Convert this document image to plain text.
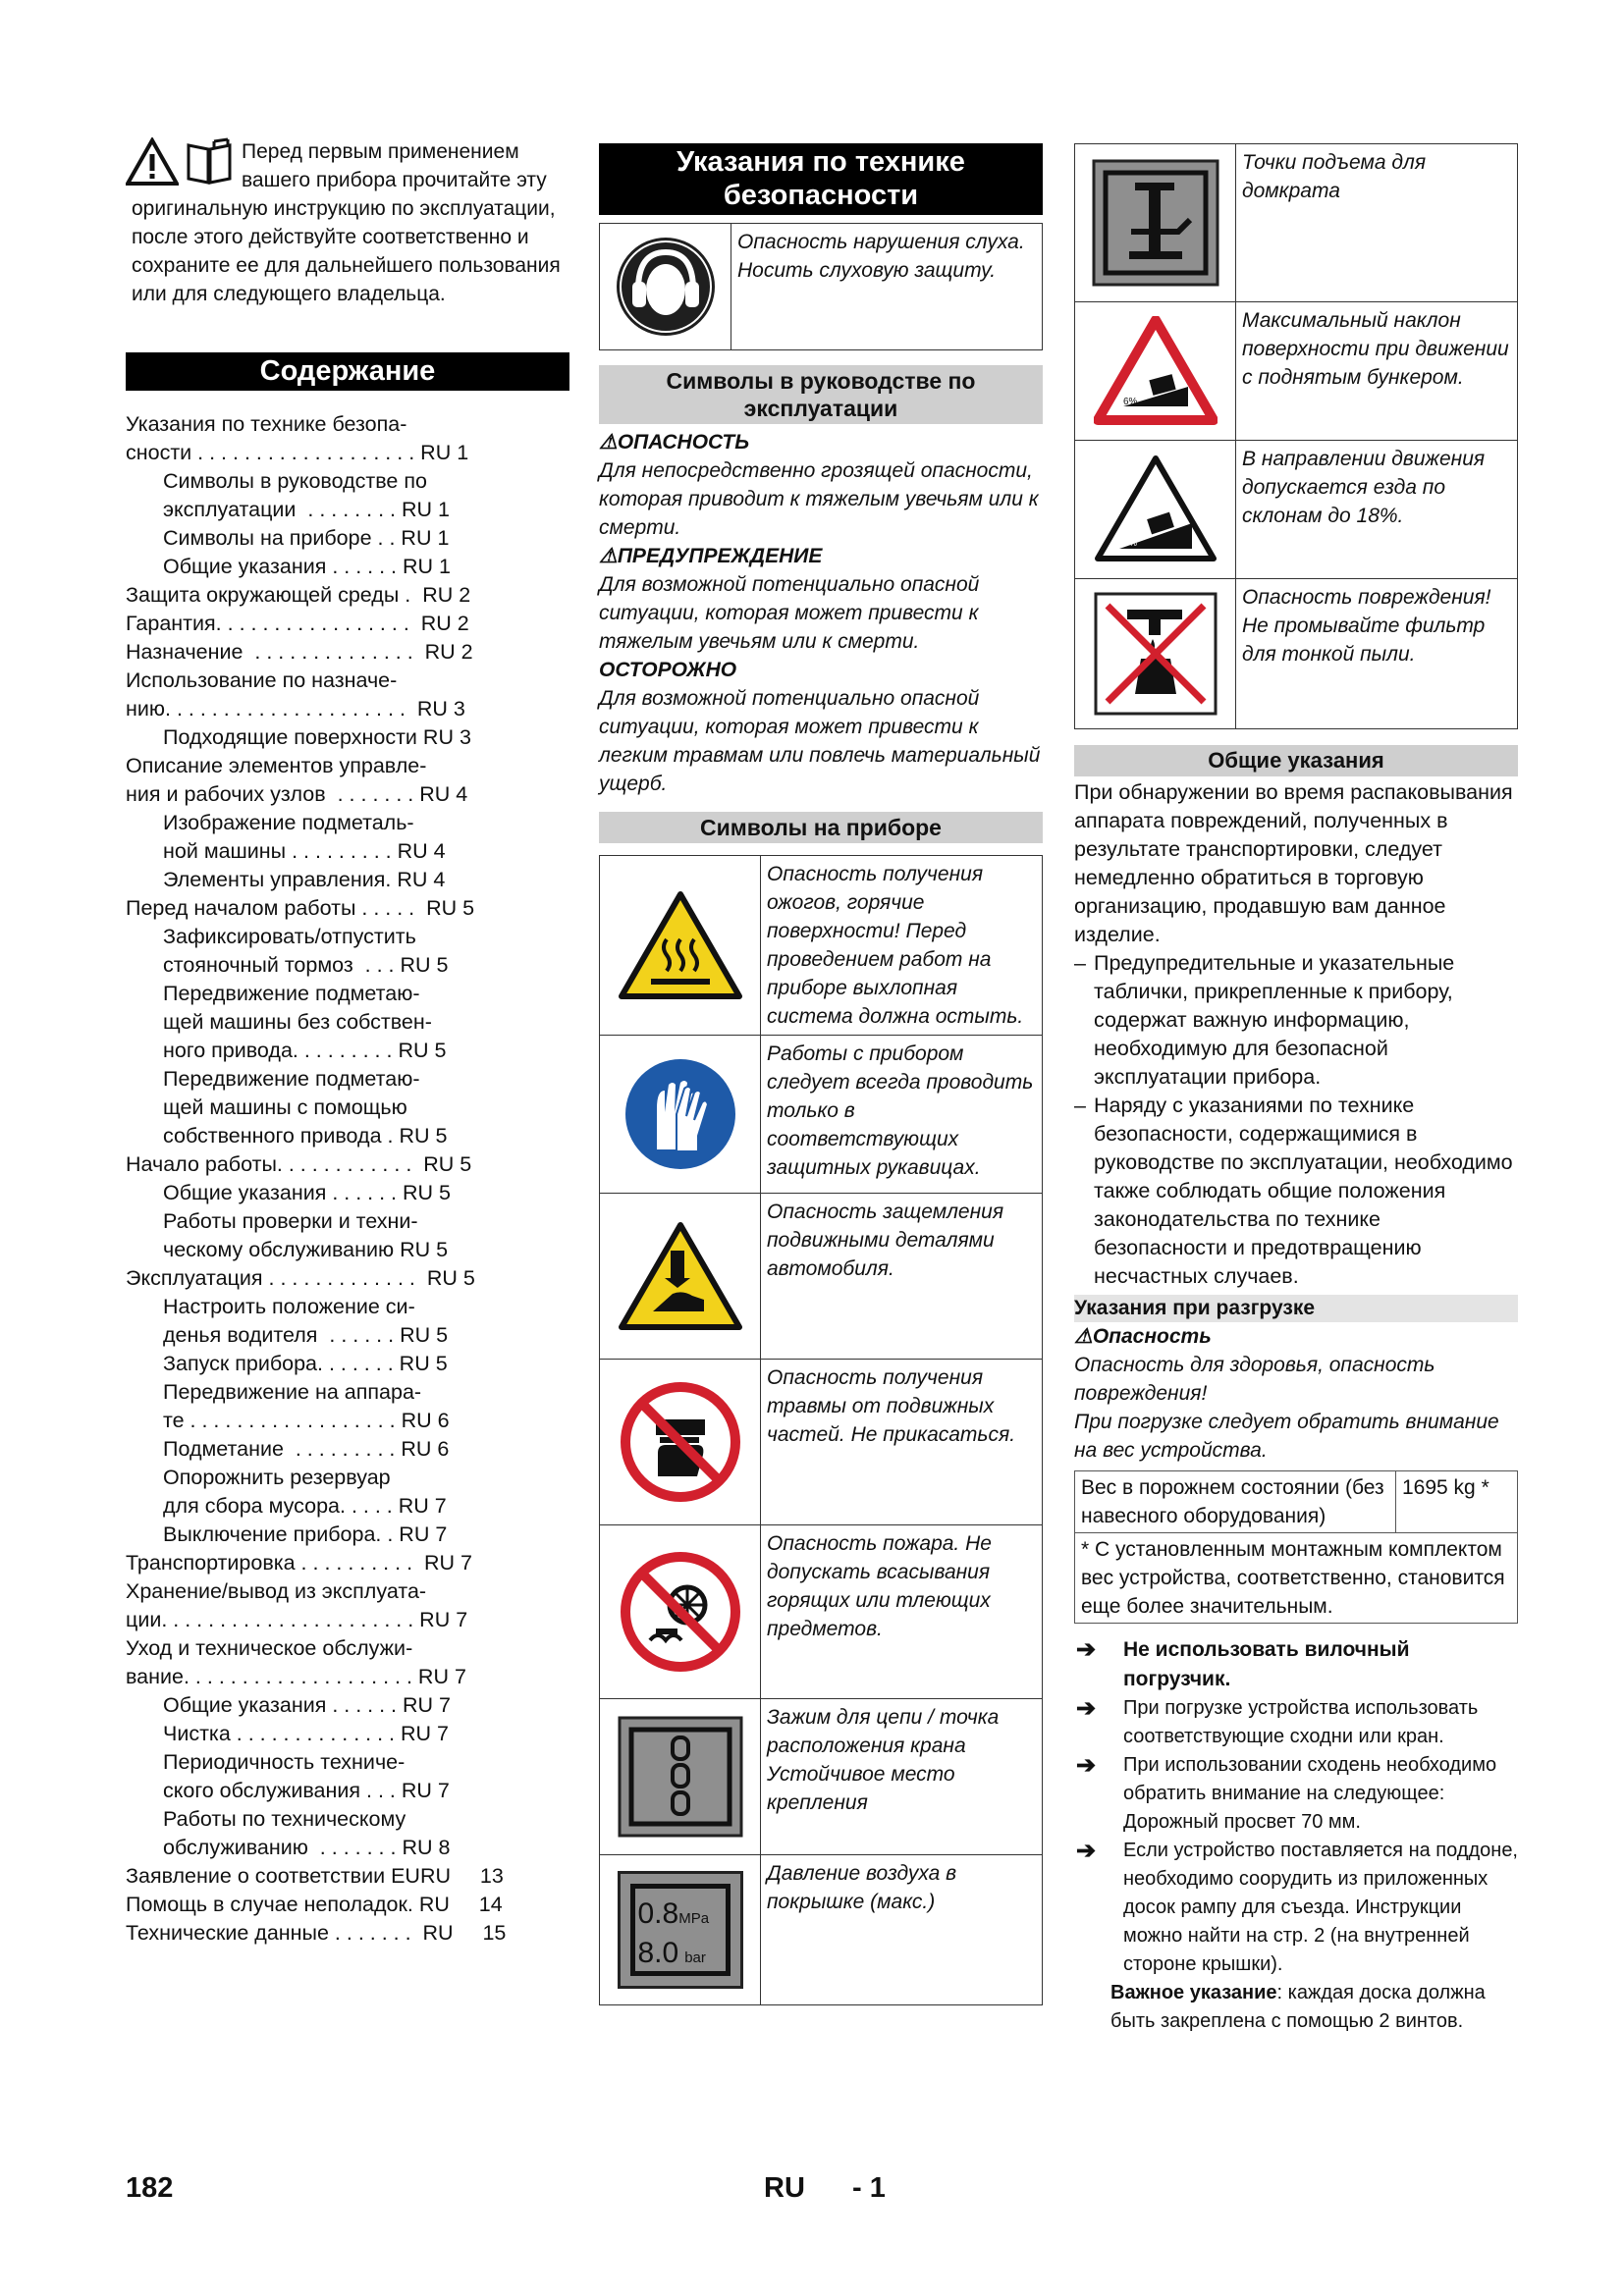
Перед первым применением вашего прибора прочитайте эту оригинальную инструкцию по эксплуатации, после этого действуйте соответственно и сохраните ее для дальнейшего пользования или для следующего владельца.
Содержание
Указания по технике безопа-
сности . . . . . . . . . . . . . . . . . . . RU 1
Символы в руководстве по
эксплуатации  . . . . . . . . RU 1
Символы на приборе . . RU 1
Общие указания . . . . . . RU 1
Защита окружающей среды .  RU 2
Гарантия. . . . . . . . . . . . . . . . .  RU 2
Назначение  . . . . . . . . . . . . . .  RU 2
Использование по назначе-
нию. . . . . . . . . . . . . . . . . . . . .  RU 3
Подходящие поверхности RU 3
Описание элементов управле-
ния и рабочих узлов  . . . . . . . RU 4
Изображение подметаль-
ной машины . . . . . . . . . RU 4
Элементы управления. RU 4
Перед началом работы . . . . .  RU 5
Зафиксировать/отпустить
стояночный тормоз  . . . RU 5
Передвижение подметаю-
щей машины без собствен-
ного привода. . . . . . . . . RU 5
Передвижение подметаю-
щей машины с помощью
собственного привода . RU 5
Начало работы. . . . . . . . . . . .  RU 5
Общие указания . . . . . . RU 5
Работы проверки и техни-
ческому обслуживанию RU 5
Эксплуатация . . . . . . . . . . . . .  RU 5
Настроить положение си-
денья водителя  . . . . . . RU 5
Запуск прибора. . . . . . . RU 5
Передвижение на аппара-
те . . . . . . . . . . . . . . . . . . RU 6
Подметание  . . . . . . . . . RU 6
Опорожнить резервуар
для сбора мусора. . . . . RU 7
Выключение прибора. . RU 7
Транспортировка . . . . . . . . . .  RU 7
Хранение/вывод из эксплуата-
ции. . . . . . . . . . . . . . . . . . . . . . RU 7
Уход и техническое обслужи-
вание. . . . . . . . . . . . . . . . . . . . RU 7
Общие указания . . . . . . RU 7
Чистка . . . . . . . . . . . . . . RU 7
Периодичность техниче-
ского обслуживания . . . RU 7
Работы по техническому
обслуживанию  . . . . . . . RU 8
Заявление о соответствии EURU     13
Помощь в случае неполадок. RU     14
Технические данные . . . . . . .  RU     15
Указания по технике
безопасности
	Опасность нарушения слуха. Носить слуховую защиту.
Символы в руководстве по эксплуатации
⚠ОПАСНОСТЬ
Для непосредственно грозящей опасности, которая приводит к тяжелым увечьям или к смерти.
⚠ПРЕДУПРЕЖДЕНИЕ
Для возможной потенциально опасной ситуации, которая может привести к тяжелым увечьям или к смерти.
ОСТОРОЖНО
Для возможной потенциально опасной ситуации, которая может привести к легким травмам или повлечь материальный ущерб.
Символы на приборе
	Опасность получения ожогов, горячие поверхности! Перед проведением работ на приборе выхлопная система должна остыть.

	Работы с прибором следует всегда проводить только в соответствующих защитных рукавицах.

	Опасность защемления подвижными деталями автомобиля.

	Опасность получения травмы от подвижных частей. Не прикасаться.

	Опасность пожара. Не допускать всасывания горящих или тлеющих предметов.

	Зажим для цепи / точка расположения крана Устойчивое место крепления

0.8MPa
8.0 bar	Давление воздуха в покрышке (макс.)
	Точки подъема для домкрата

6%	Максимальный наклон поверхности при движении с поднятым бункером.

18%	В направлении движения допускается езда по склонам до 18%.

	Опасность повреждения! Не промывайте фильтр для тонкой пыли.
Общие указания
При обнаружении во время распаковывания аппарата повреждений, полученных в результате транспортировки, следует немедленно обратиться в торговую организацию, продавшую вам данное изделие.
– Предупредительные и указательные таблички, прикрепленные к прибору, содержат важную информацию, необходимую для безопасной эксплуатации прибора.
– Наряду с указаниями по технике безопасности, содержащимися в руководстве по эксплуатации, необходимо также соблюдать общие положения законодательства по технике безопасности и предотвращению несчастных случаев.
Указания при разгрузке
⚠Опасность
Опасность для здоровья, опасность повреждения!
При погрузке следует обратить внимание на вес устройства.
Вес в порожнем состоянии (без навесного оборудования)	1695 kg *
* С установленным монтажным комплектом вес устройства, соответственно, становится еще более значительным.
➔ Не использовать вилочный погрузчик.
➔ При погрузке устройства использовать соответствующие сходни или кран.
➔ При использовании сходень необходимо обратить внимание на следующее: Дорожный просвет 70 мм.
➔ Если устройство поставляется на поддоне, необходимо соорудить из приложенных досок рампу для съезда. Инструкции можно найти на стр. 2 (на внутренней стороне крышки).
Важное указание: каждая доска должна быть закреплена с помощью 2 винтов.
182	RU - 1
